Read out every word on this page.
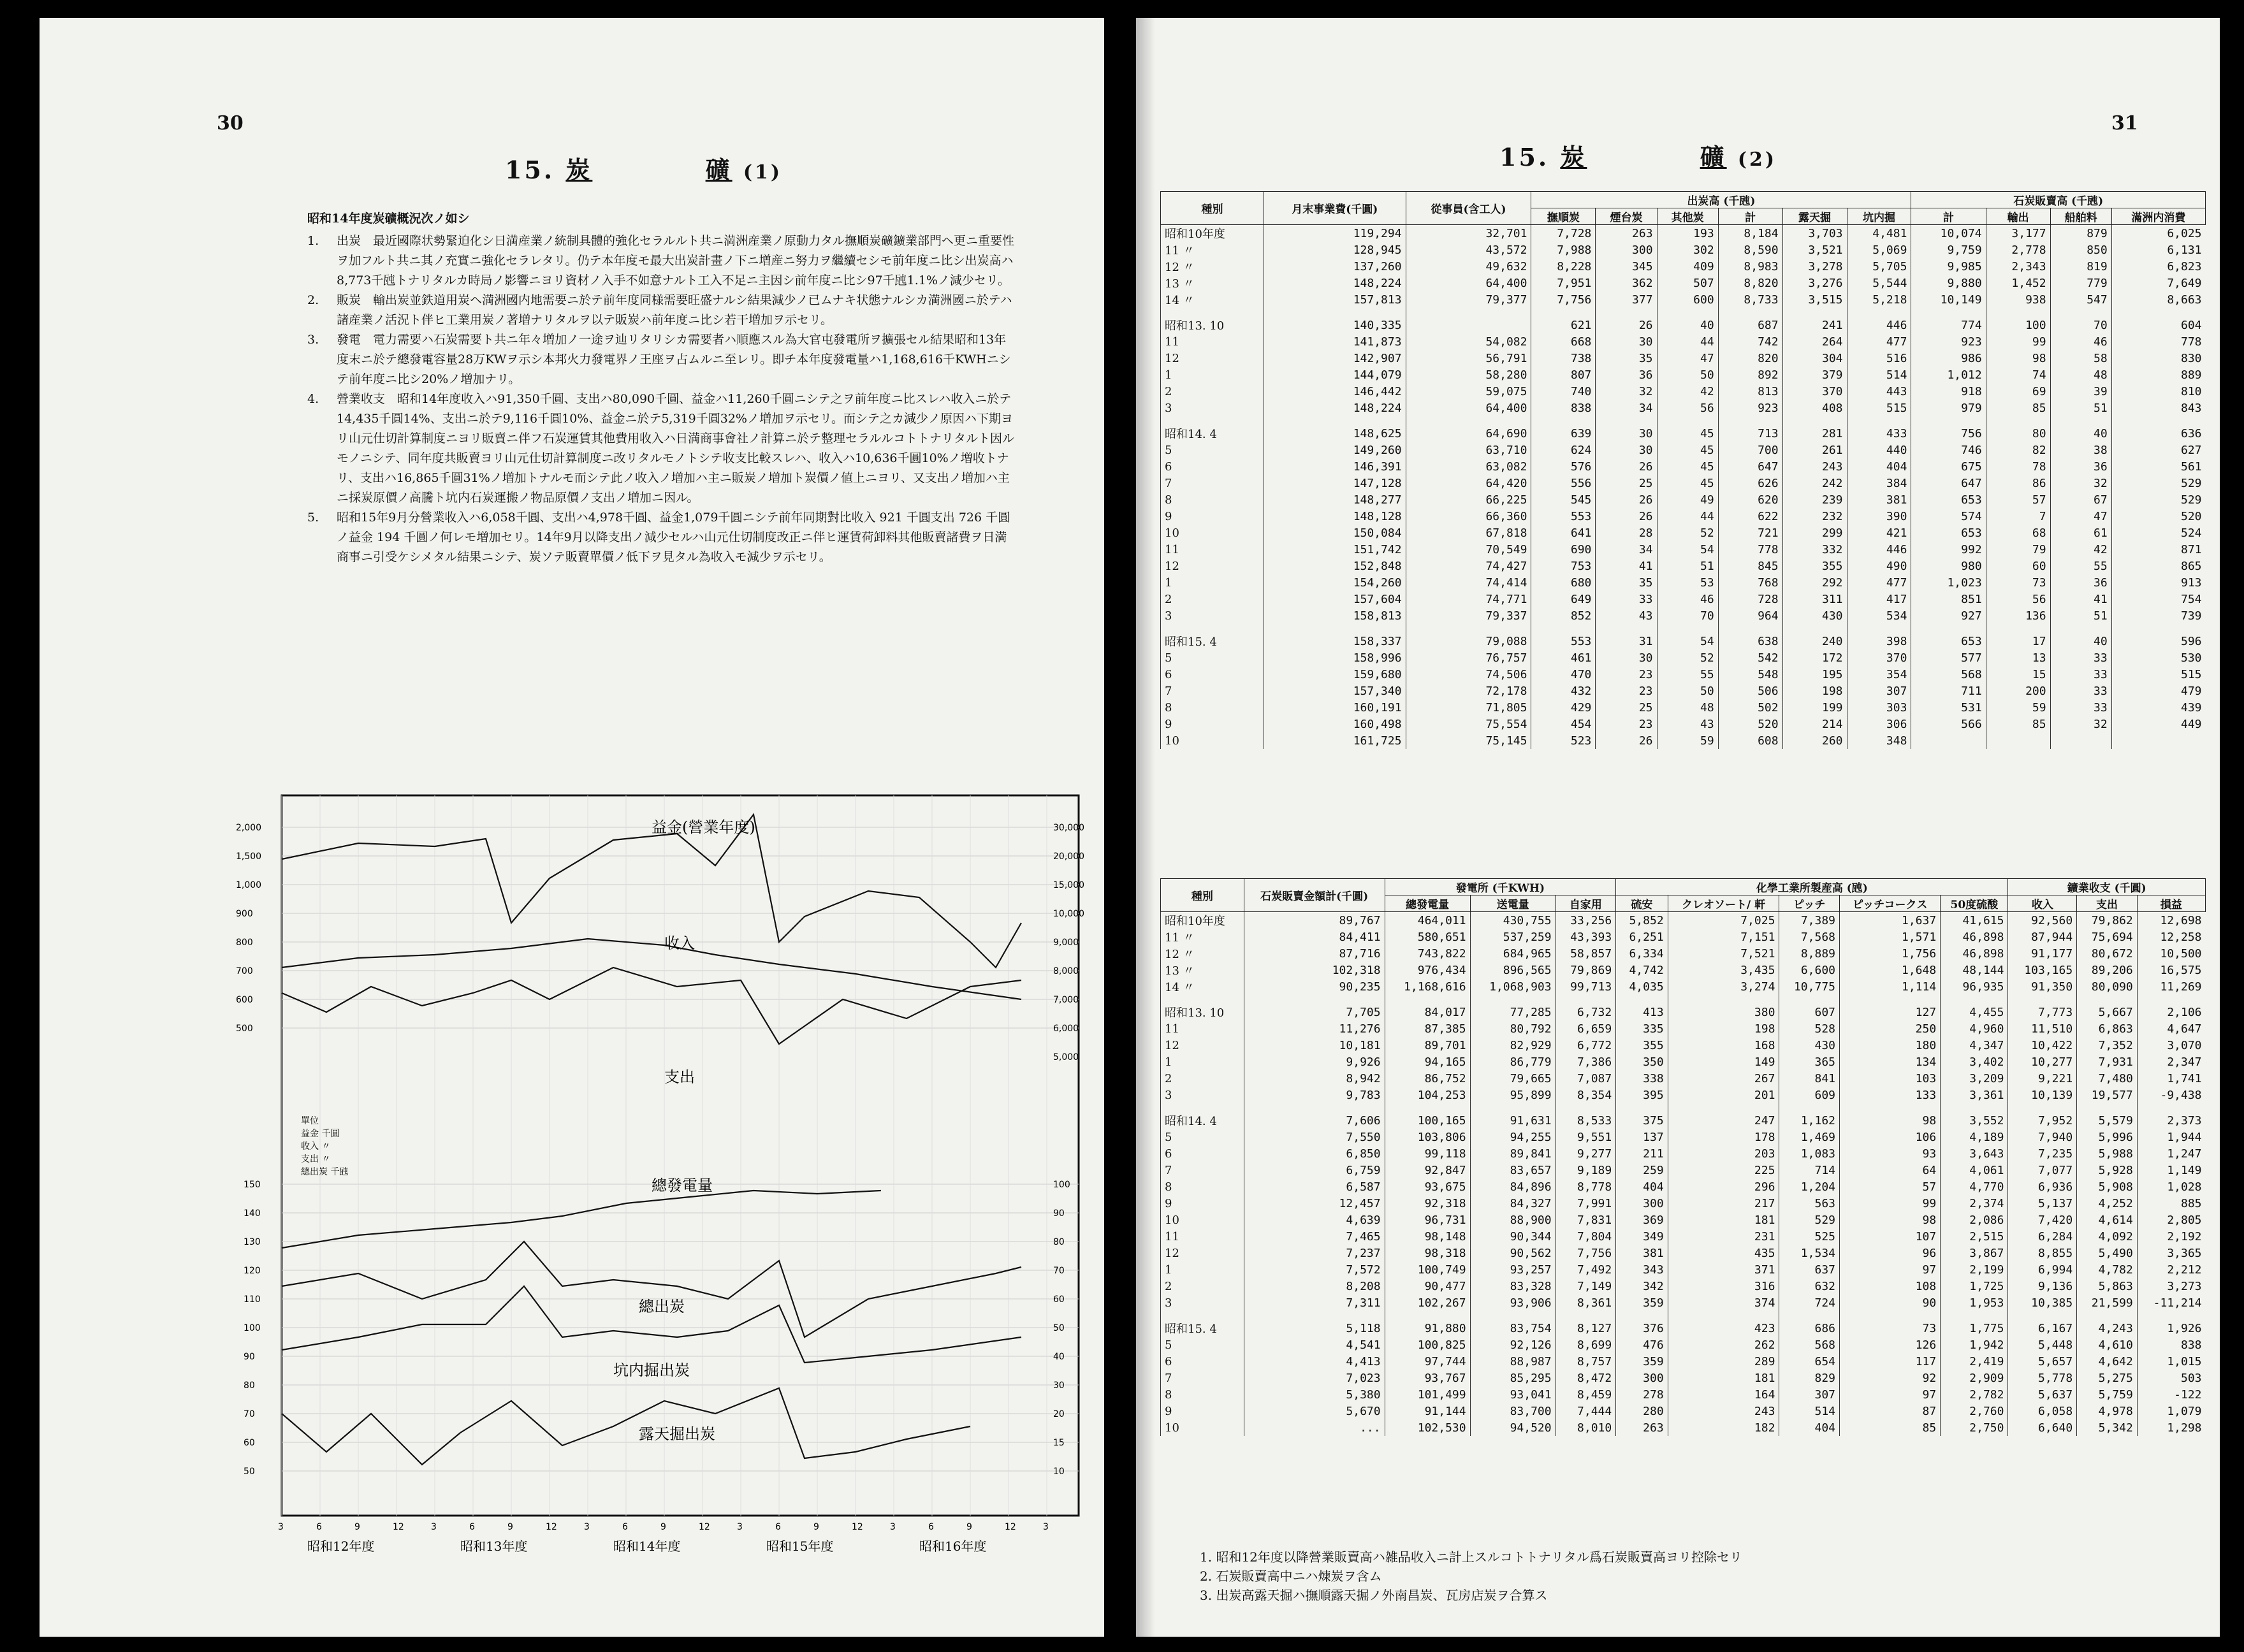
30
15. 炭	礦 (1)
昭和14年度炭礦概況次ノ如シ
1.	出炭　最近國際状勢緊迫化シ日満産業ノ統制具體的強化セラルルト共ニ満洲産業ノ原動力タル撫順炭礦鑛業部門ヘ更ニ重要性ヲ加フルト共ニ其ノ充實ニ強化セラレタリ。仍テ本年度モ最大出炭計畫ノ下ニ増産ニ努力ヲ繼續セシモ前年度ニ比シ出炭高ハ8,773千瓲トナリタルカ時局ノ影響ニヨリ資材ノ入手不如意ナルト工入不足ニ主因シ前年度ニ比シ97千瓲1.1%ノ減少セリ。
2.	販炭　輸出炭並鉄道用炭ヘ満洲國内地需要ニ於テ前年度同様需要旺盛ナルシ結果減少ノ已ムナキ状態ナルシカ満洲國ニ於テハ諸産業ノ活況ト伴ヒ工業用炭ノ著増ナリタルヲ以テ販炭ハ前年度ニ比シ若干増加ヲ示セリ。
3.	發電　電力需要ハ石炭需要ト共ニ年々増加ノ一途ヲ辿リタリシカ需要者ハ順應スル為大官屯發電所ヲ擴張セル結果昭和13年度末ニ於テ總發電容量28万KWヲ示シ本邦火力發電界ノ王座ヲ占ムルニ至レリ。即チ本年度發電量ハ1,168,616千KWHニシテ前年度ニ比シ20%ノ増加ナリ。
4.	營業收支　昭和14年度收入ハ91,350千圓、支出ハ80,090千圓、益金ハ11,260千圓ニシテ之ヲ前年度ニ比スレハ收入ニ於テ14,435千圓14%、支出ニ於テ9,116千圓10%、益金ニ於テ5,319千圓32%ノ増加ヲ示セリ。而シテ之カ減少ノ原因ハ下期ヨリ山元仕切計算制度ニヨリ販賣ニ伴フ石炭運賃其他費用收入ハ日満商事會社ノ計算ニ於テ整理セラルルコトトナリタルト因ルモノニシテ、同年度共販賣ヨリ山元仕切計算制度ニ改リタルモノトシテ收支比較スレハ、收入ハ10,636千圓10%ノ増收トナリ、支出ハ16,865千圓31%ノ増加トナルモ而シテ此ノ收入ノ増加ハ主ニ販炭ノ増加ト炭價ノ値上ニヨリ、又支出ノ増加ハ主ニ採炭原價ノ高騰ト坑内石炭運搬ノ物品原價ノ支出ノ増加ニ因ル。
5.	昭和15年9月分營業收入ハ6,058千圓、支出ハ4,978千圓、益金1,079千圓ニシテ前年同期對比收入 921 千圓支出 726 千圓ノ益金 194 千圓ノ何レモ増加セリ。14年9月以降支出ノ減少セルハ山元仕切制度改正ニ伴ヒ運賃荷卸料其他販賣諸費ヲ日満商事ニ引受ケシメタル結果ニシテ、炭ソテ販賣單價ノ低下ヲ見タル為收入モ減少ヲ示セリ。
2,000
1,500
1,000
900
800
700
600
500
150
140
130
120
110
100
90
80
70
60
50
30,000
20,000
15,000
10,000
9,000
8,000
7,000
6,000
5,000
100
90
80
70
60
50
40
30
20
15
10
3	6	9	12	3	6	9	12	3	6	9	12	3	6	9	12	3	6	9	12	3
益金(營業年度)
收入
支出
總發電量
總出炭
坑内掘出炭
露天掘出炭
單位
益金 千圓
收入 〃
支出 〃
總出炭 千瓲
昭和12年度	昭和13年度	昭和14年度	昭和15年度	昭和16年度
31
15. 炭	礦 (2)
種別	月末事業費(千圓)	從事員(含工人)	出炭高 (千瓲)						石炭販賣高 (千瓲)			
			撫順炭	煙台炭	其他炭	計	露天掘	坑内掘	計	輸出	船舶料	滿洲内消費
昭和10年度	119,294	32,701	7,728	263	193	8,184	3,703	4,481	10,074	3,177	879	6,025
11 〃	128,945	43,572	7,988	300	302	8,590	3,521	5,069	9,759	2,778	850	6,131
12 〃	137,260	49,632	8,228	345	409	8,983	3,278	5,705	9,985	2,343	819	6,823
13 〃	148,224	64,400	7,951	362	507	8,820	3,276	5,544	9,880	1,452	779	7,649
14 〃	157,813	79,377	7,756	377	600	8,733	3,515	5,218	10,149	938	547	8,663
昭和13. 10	140,335		621	26	40	687	241	446	774	100	70	604
11	141,873	54,082	668	30	44	742	264	477	923	99	46	778
12	142,907	56,791	738	35	47	820	304	516	986	98	58	830
1	144,079	58,280	807	36	50	892	379	514	1,012	74	48	889
2	146,442	59,075	740	32	42	813	370	443	918	69	39	810
3	148,224	64,400	838	34	56	923	408	515	979	85	51	843
昭和14. 4	148,625	64,690	639	30	45	713	281	433	756	80	40	636
5	149,260	63,710	624	30	45	700	261	440	746	82	38	627
6	146,391	63,082	576	26	45	647	243	404	675	78	36	561
7	147,128	64,420	556	25	45	626	242	384	647	86	32	529
8	148,277	66,225	545	26	49	620	239	381	653	57	67	529
9	148,128	66,360	553	26	44	622	232	390	574	7	47	520
10	150,084	67,818	641	28	52	721	299	421	653	68	61	524
11	151,742	70,549	690	34	54	778	332	446	992	79	42	871
12	152,848	74,427	753	41	51	845	355	490	980	60	55	865
1	154,260	74,414	680	35	53	768	292	477	1,023	73	36	913
2	157,604	74,771	649	33	46	728	311	417	851	56	41	754
3	158,813	79,337	852	43	70	964	430	534	927	136	51	739
昭和15. 4	158,337	79,088	553	31	54	638	240	398	653	17	40	596
5	158,996	76,757	461	30	52	542	172	370	577	13	33	530
6	159,680	74,506	470	23	55	548	195	354	568	15	33	515
7	157,340	72,178	432	23	50	506	198	307	711	200	33	479
8	160,191	71,805	429	25	48	502	199	303	531	59	33	439
9	160,498	75,554	454	23	43	520	214	306	566	85	32	449
10	161,725	75,145	523	26	59	608	260	348				
種別	石炭販賣金額計(千圓)	發電所 (千KWH)			化學工業所製産高 (瓲)					鑛業收支 (千圓)		
		總發電量	送電量	自家用	硫安	クレオソート/ 軒	ピッチ	ピッチコークス	50度硫酸	收入	支出	損益
昭和10年度	89,767	464,011	430,755	33,256	5,852	7,025	7,389	1,637	41,615	92,560	79,862	12,698
11 〃	84,411	580,651	537,259	43,393	6,251	7,151	7,568	1,571	46,898	87,944	75,694	12,258
12 〃	87,716	743,822	684,965	58,857	6,334	7,521	8,889	1,756	46,898	91,177	80,672	10,500
13 〃	102,318	976,434	896,565	79,869	4,742	3,435	6,600	1,648	48,144	103,165	89,206	16,575
14 〃	90,235	1,168,616	1,068,903	99,713	4,035	3,274	10,775	1,114	96,935	91,350	80,090	11,269
昭和13. 10	7,705	84,017	77,285	6,732	413	380	607	127	4,455	7,773	5,667	2,106
11	11,276	87,385	80,792	6,659	335	198	528	250	4,960	11,510	6,863	4,647
12	10,181	89,701	82,929	6,772	355	168	430	180	4,347	10,422	7,352	3,070
1	9,926	94,165	86,779	7,386	350	149	365	134	3,402	10,277	7,931	2,347
2	8,942	86,752	79,665	7,087	338	267	841	103	3,209	9,221	7,480	1,741
3	9,783	104,253	95,899	8,354	395	201	609	133	3,361	10,139	19,577	-9,438
昭和14. 4	7,606	100,165	91,631	8,533	375	247	1,162	98	3,552	7,952	5,579	2,373
5	7,550	103,806	94,255	9,551	137	178	1,469	106	4,189	7,940	5,996	1,944
6	6,850	99,118	89,841	9,277	211	203	1,083	93	3,643	7,235	5,988	1,247
7	6,759	92,847	83,657	9,189	259	225	714	64	4,061	7,077	5,928	1,149
8	6,587	93,675	84,896	8,778	404	296	1,204	57	4,770	6,936	5,908	1,028
9	12,457	92,318	84,327	7,991	300	217	563	99	2,374	5,137	4,252	885
10	4,639	96,731	88,900	7,831	369	181	529	98	2,086	7,420	4,614	2,805
11	7,465	98,148	90,344	7,804	349	231	525	107	2,515	6,284	4,092	2,192
12	7,237	98,318	90,562	7,756	381	435	1,534	96	3,867	8,855	5,490	3,365
1	7,572	100,749	93,257	7,492	343	371	637	97	2,199	6,994	4,782	2,212
2	8,208	90,477	83,328	7,149	342	316	632	108	1,725	9,136	5,863	3,273
3	7,311	102,267	93,906	8,361	359	374	724	90	1,953	10,385	21,599	-11,214
昭和15. 4	5,118	91,880	83,754	8,127	376	423	686	73	1,775	6,167	4,243	1,926
5	4,541	100,825	92,126	8,699	476	262	568	126	1,942	5,448	4,610	838
6	4,413	97,744	88,987	8,757	359	289	654	117	2,419	5,657	4,642	1,015
7	7,023	93,767	85,295	8,472	300	181	829	92	2,909	5,778	5,275	503
8	5,380	101,499	93,041	8,459	278	164	307	97	2,782	5,637	5,759	-122
9	5,670	91,144	83,700	7,444	280	243	514	87	2,760	6,058	4,978	1,079
10	...	102,530	94,520	8,010	263	182	404	85	2,750	6,640	5,342	1,298
1. 昭和12年度以降營業販賣高ハ雑品收入ニ計上スルコトトナリタル爲石炭販賣高ヨリ控除セリ
2. 石炭販賣高中ニハ煉炭ヲ含ム
3. 出炭高露天掘ハ撫順露天掘ノ外南昌炭、瓦房店炭ヲ合算ス
